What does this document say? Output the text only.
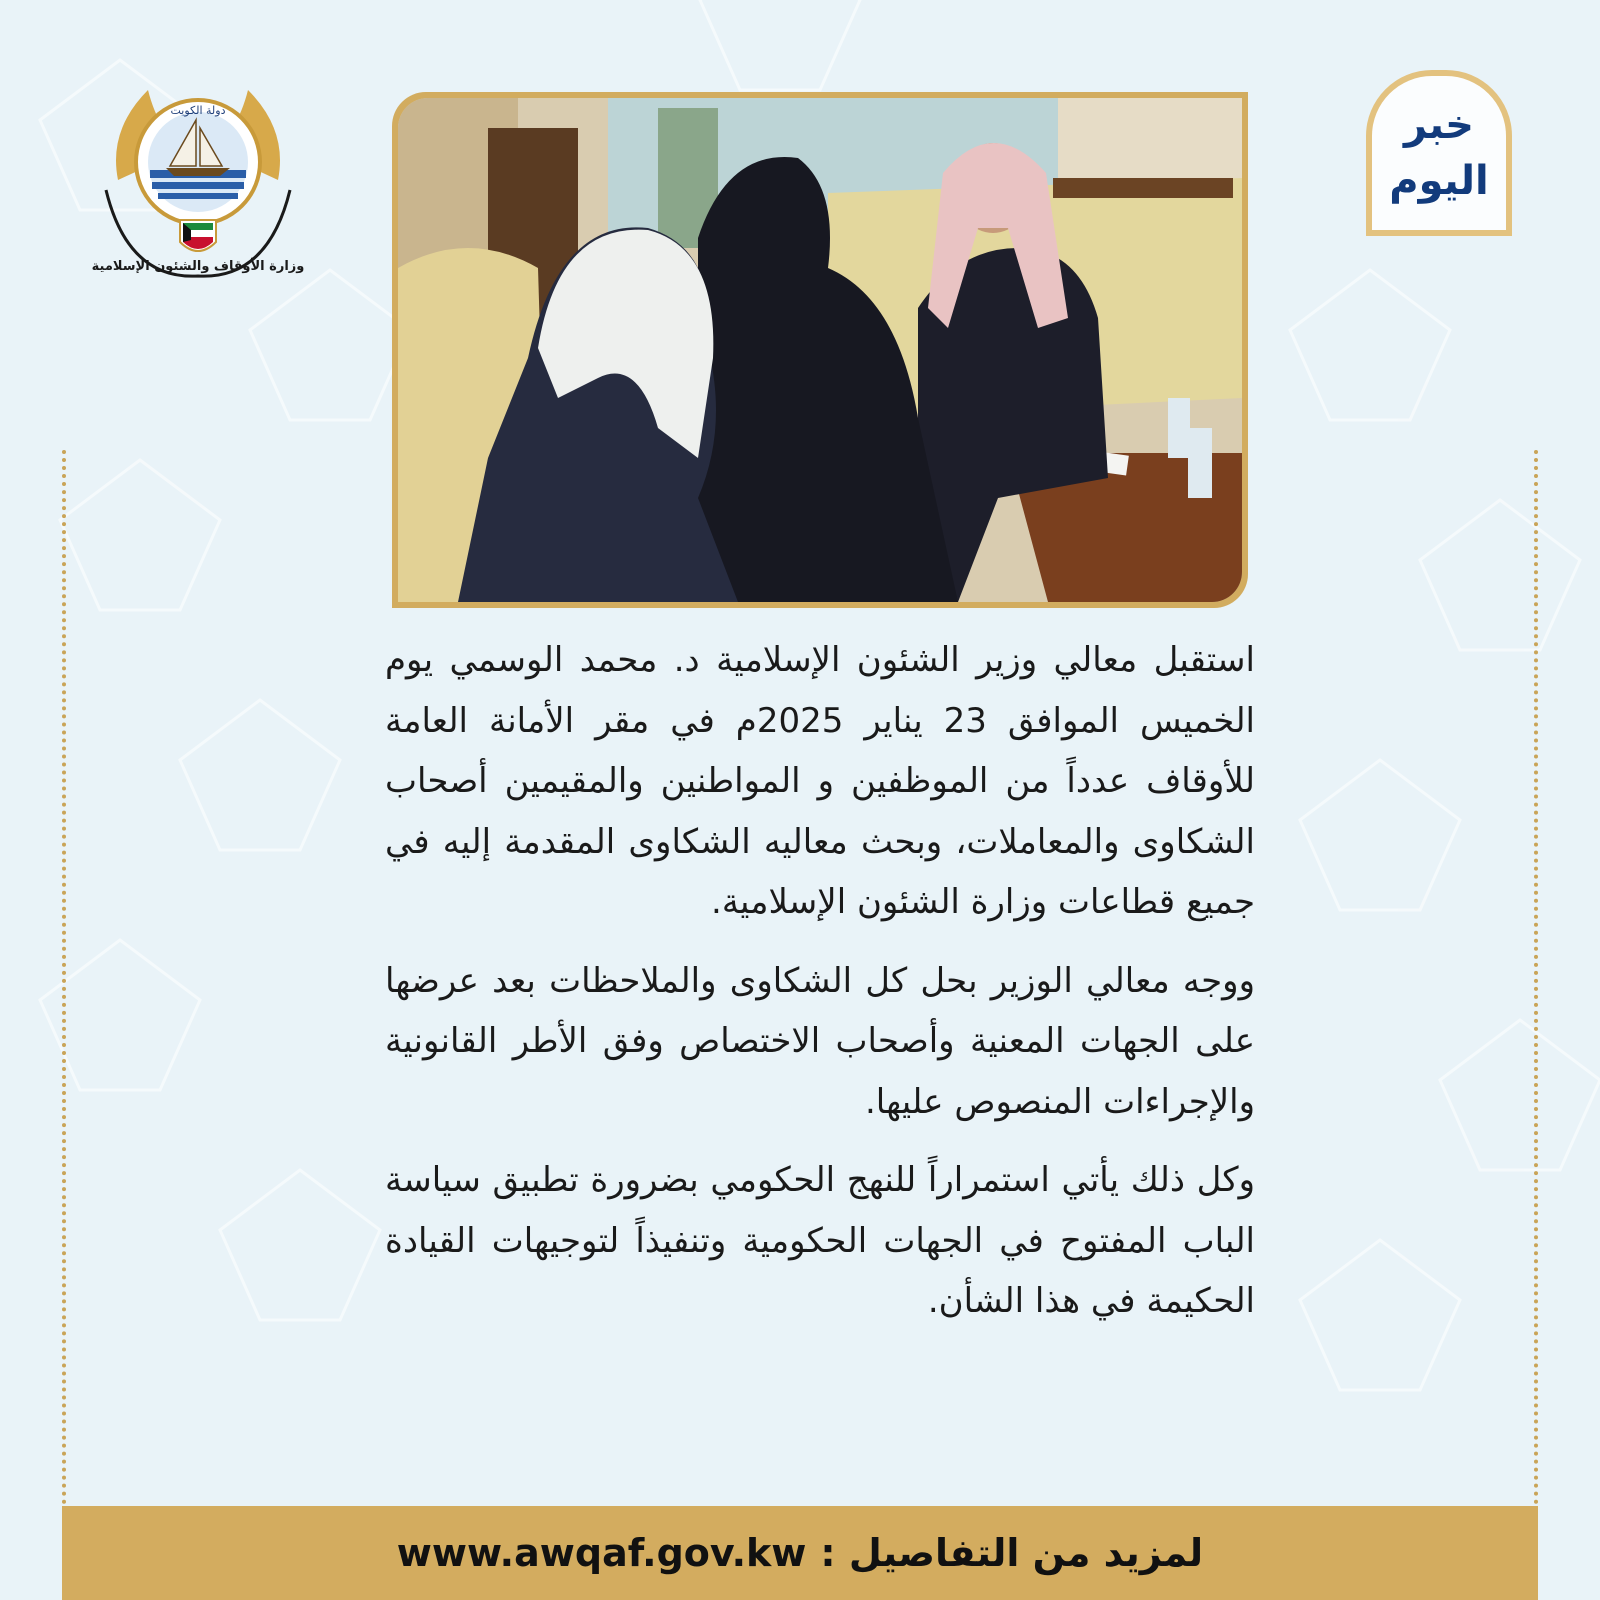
خبر
اليوم
دولة الكويت
وزارة الأوقاف والشئون الإسلامية

استقبل معالي وزير الشئون الإسلامية د. محمد الوسمي يوم الخميس الموافق 23 يناير 2025م في مقر الأمانة العامة للأوقاف عدداً من الموظفين و المواطنين والمقيمين أصحاب الشكاوى والمعاملات، وبحث معاليه الشكاوى المقدمة إليه في جميع قطاعات وزارة الشئون الإسلامية.

ووجه معالي الوزير بحل كل الشكاوى والملاحظات بعد عرضها على الجهات المعنية وأصحاب الاختصاص وفق الأطر القانونية والإجراءات المنصوص عليها.

وكل ذلك يأتي استمراراً للنهج الحكومي بضرورة تطبيق سياسة الباب المفتوح في الجهات الحكومية وتنفيذاً لتوجيهات القيادة الحكيمة في هذا الشأن.

لمزيد من التفاصيل :
www.awqaf.gov.kw
